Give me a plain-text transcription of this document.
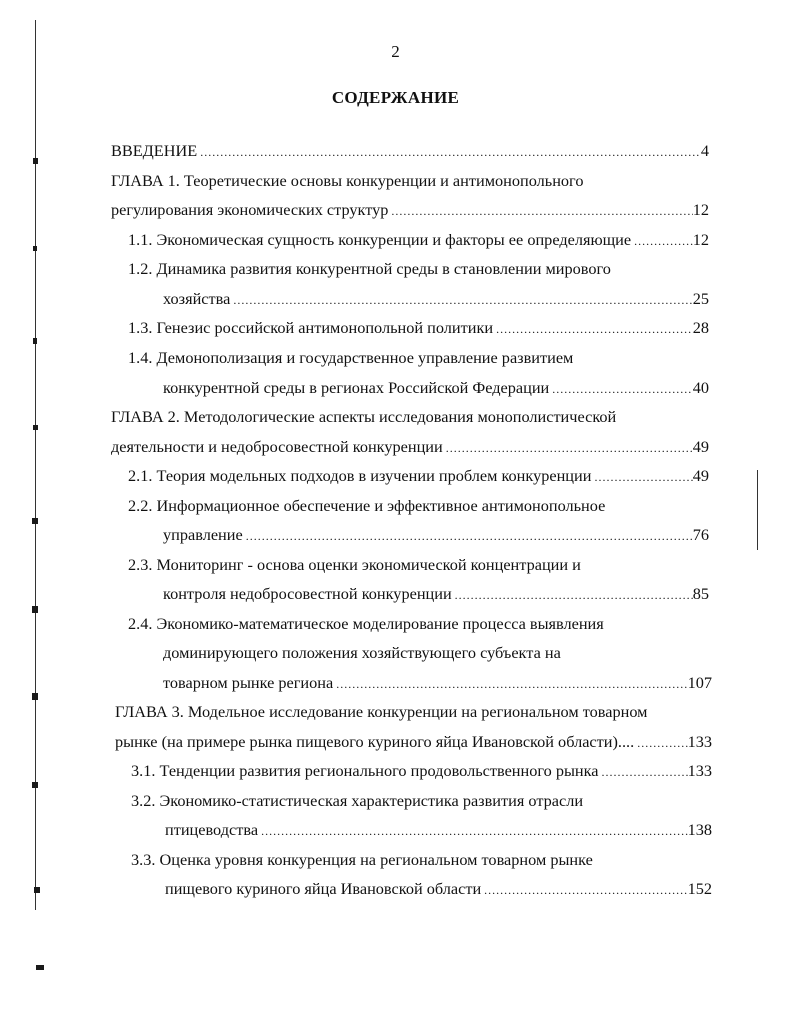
2
СОДЕРЖАНИЕ
ВВЕДЕНИЕ .....	4
ГЛАВА 1. Теоретические основы конкуренции и антимонопольного
регулирования экономических структур .....	12
1.1. Экономическая сущность конкуренции и факторы ее определяющие .....	12
1.2. Динамика развития конкурентной среды в становлении мирового
хозяйства .....	25
1.3. Генезис российской антимонопольной политики .....	28
1.4. Демонополизация и государственное управление развитием
конкурентной среды в регионах Российской Федерации .....	40
ГЛАВА 2. Методологические аспекты исследования монополистической
деятельности и недобросовестной конкуренции .....	49
2.1. Теория модельных подходов в изучении проблем конкуренции .....	49
2.2. Информационное обеспечение и эффективное антимонопольное
управление .....	76
2.3. Мониторинг - основа оценки экономической концентрации и
контроля недобросовестной конкуренции .....	85
2.4. Экономико-математическое моделирование процесса выявления
доминирующего положения хозяйствующего субъекта на
товарном рынке региона .....	107
ГЛАВА 3. Модельное исследование конкуренции на региональном товарном
рынке (на примере рынка пищевого куриного яйца Ивановской области).... .....	133
3.1. Тенденции развития регионального продовольственного рынка .....	133
3.2. Экономико-статистическая характеристика развития отрасли
птицеводства .....	138
3.3. Оценка уровня конкуренция на региональном товарном рынке
пищевого куриного яйца Ивановской области .....	152
